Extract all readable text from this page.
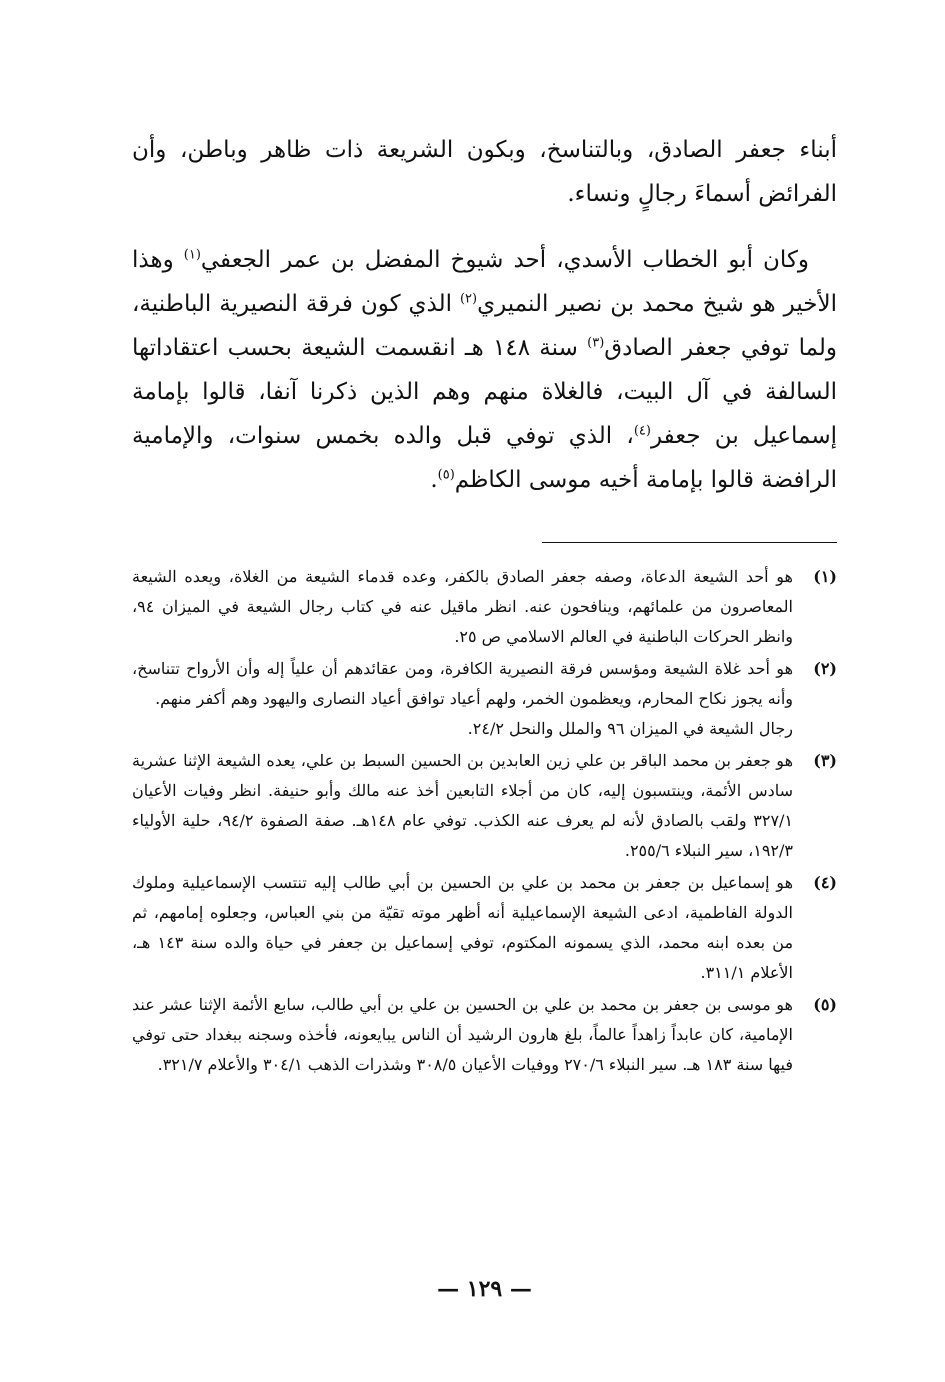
أبناء جعفر الصادق، وبالتناسخ، وبكون الشريعة ذات ظاهر وباطن، وأن الفرائض أسماءَ رجالٍ ونساء.

وكان أبو الخطاب الأسدي، أحد شيوخ المفضل بن عمر الجعفي$^{(١)}$ وهذا الأخير هو شيخ محمد بن نصير النميري$^{(٢)}$ الذي كون فرقة النصيرية الباطنية، ولما توفي جعفر الصادق$^{(٣)}$ سنة ١٤٨ هـ انقسمت الشيعة بحسب اعتقاداتها السالفة في آل البيت، فالغلاة منهم وهم الذين ذكرنا آنفا، قالوا بإمامة إسماعيل بن جعفر$^{(٤)}$، الذي توفي قبل والده بخمس سنوات، والإمامية الرافضة قالوا بإمامة أخيه موسى الكاظم$^{(٥)}$.

(١)

هو أحد الشيعة الدعاة، وصفه جعفر الصادق بالكفر، وعده قدماء الشيعة من الغلاة، ويعده الشيعة المعاصرون من علمائهم، وينافحون عنه. انظر ماقيل عنه في كتاب رجال الشيعة في الميزان ٩٤، وانظر الحركات الباطنية في العالم الاسلامي ص ٢٥.

(٢)

هو أحد غلاة الشيعة ومؤسس فرقة النصيرية الكافرة، ومن عقائدهم أن علياً إله وأن الأرواح تتناسخ، وأنه يجوز نكاح المحارم، ويعظمون الخمر، ولهم أعياد توافق أعياد النصارى واليهود وهم أكفر منهم.

رجال الشيعة في الميزان ٩٦ والملل والنحل ٢٤/٢.

(٣)

هو جعفر بن محمد الباقر بن علي زين العابدين بن الحسين السبط بن علي، يعده الشيعة الإثنا عشرية سادس الأئمة، وينتسبون إليه، كان من أجلاء التابعين أخذ عنه مالك وأبو حنيفة. انظر وفيات الأعيان ٣٢٧/١ ولقب بالصادق لأنه لم يعرف عنه الكذب. توفي عام ١٤٨هـ. صفة الصفوة ٩٤/٢، حلية الأولياء ١٩٢/٣، سير النبلاء ٢٥٥/٦.

(٤)

هو إسماعيل بن جعفر بن محمد بن علي بن الحسين بن أبي طالب إليه تنتسب الإسماعيلية وملوك الدولة الفاطمية، ادعى الشيعة الإسماعيلية أنه أظهر موته تقيّة من بني العباس، وجعلوه إمامهم، ثم من بعده ابنه محمد، الذي يسمونه المكتوم، توفي إسماعيل بن جعفر في حياة والده سنة ١٤٣ هـ، الأعلام ٣١١/١.

(٥)

هو موسى بن جعفر بن محمد بن علي بن الحسين بن علي بن أبي طالب، سابع الأئمة الإثنا عشر عند الإمامية، كان عابداً زاهداً عالماً، بلغ هارون الرشيد أن الناس يبايعونه، فأخذه وسجنه ببغداد حتى توفي فيها سنة ١٨٣ هـ. سير النبلاء ٢٧٠/٦ ووفيات الأعيان ٣٠٨/٥ وشذرات الذهب ٣٠٤/١ والأعلام ٣٢١/٧.

— ١٢٩ —
